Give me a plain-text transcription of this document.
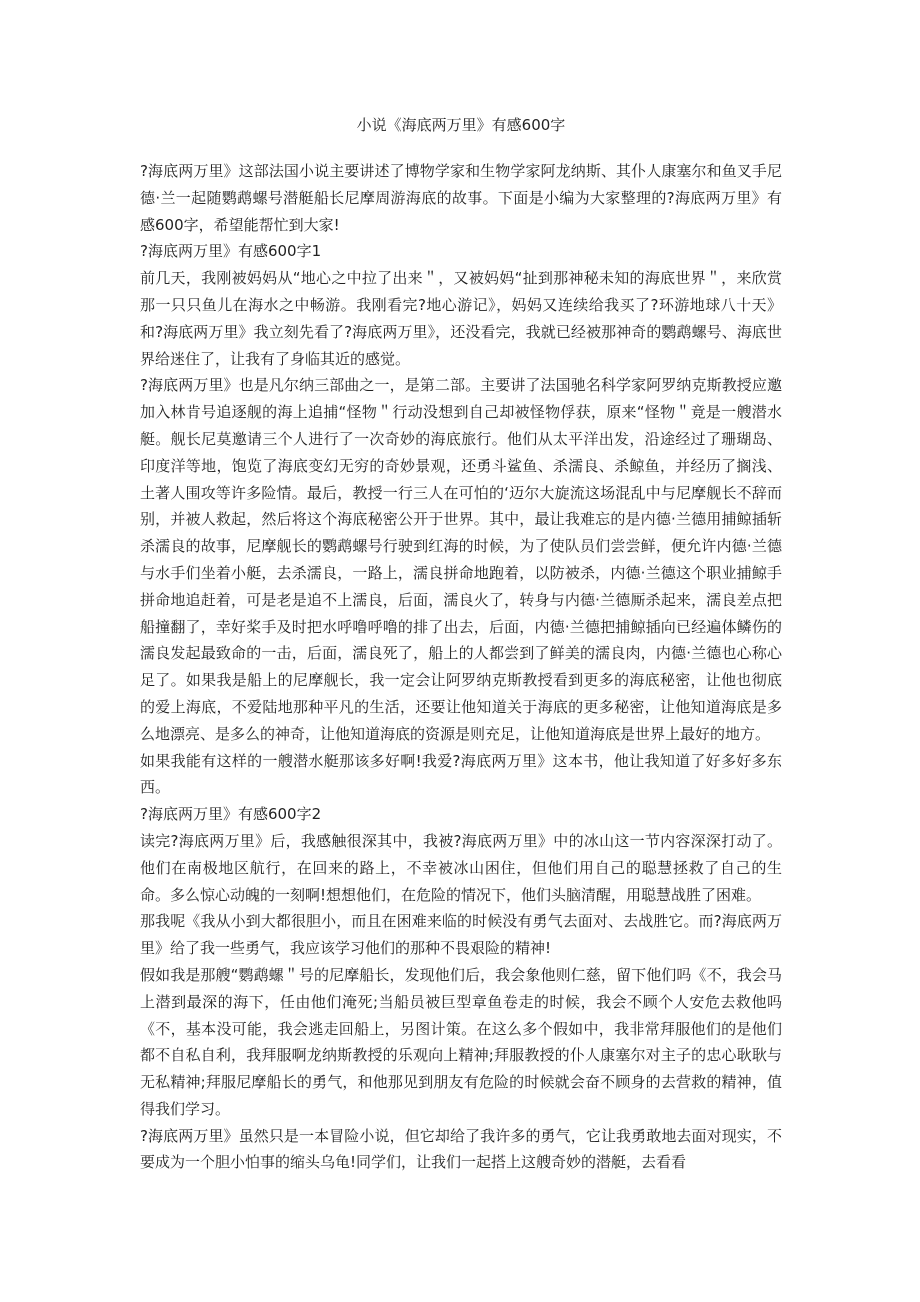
小说《海底两万里》有感600字

?海底两万里》这部法国小说主要讲述了博物学家和生物学家阿龙纳斯、其仆人康塞尔和鱼叉手尼德·兰一起随鹦鹉螺号潜艇船长尼摩周游海底的故事。下面是小编为大家整理的?海底两万里》有感600字，希望能帮忙到大家!

?海底两万里》有感600字1

前几天，我刚被妈妈从“地心之中拉了出来＂，又被妈妈“扯到那神秘未知的海底世界＂，来欣赏那一只只鱼儿在海水之中畅游。我刚看完?地心游记》，妈妈又连续给我买了?环游地球八十天》和?海底两万里》我立刻先看了?海底两万里》，还没看完，我就已经被那神奇的鹦鹉螺号、海底世界给迷住了，让我有了身临其近的感觉。

?海底两万里》也是凡尔纳三部曲之一，是第二部。主要讲了法国驰名科学家阿罗纳克斯教授应邀加入林肯号追逐舰的海上追捕“怪物＂行动没想到自己却被怪物俘获，原来“怪物＂竟是一艘潜水艇。舰长尼莫邀请三个人进行了一次奇妙的海底旅行。他们从太平洋出发，沿途经过了珊瑚岛、印度洋等地，饱览了海底变幻无穷的奇妙景观，还勇斗鲨鱼、杀濡良、杀鲸鱼，并经历了搁浅、土著人围攻等许多险情。最后，教授一行三人在可怕的‘迈尔大旋流这场混乱中与尼摩舰长不辞而别，并被人救起，然后将这个海底秘密公开于世界。其中，最让我难忘的是内德·兰德用捕鲸插斩杀濡良的故事，尼摩舰长的鹦鹉螺号行驶到红海的时候，为了使队员们尝尝鲜，便允许内德·兰德与水手们坐着小艇，去杀濡良，一路上，濡良拼命地跑着，以防被杀，内德·兰德这个职业捕鲸手拼命地追赶着，可是老是追不上濡良，后面，濡良火了，转身与内德·兰德厮杀起来，濡良差点把船撞翻了，幸好桨手及时把水呼噜呼噜的排了出去，后面，内德·兰德把捕鲸插向已经遍体鳞伤的 濡良发起最致命的一击，后面，濡良死了，船上的人都尝到了鲜美的濡良肉，内德·兰德也心称心足了。如果我是船上的尼摩舰长，我一定会让阿罗纳克斯教授看到更多的海底秘密，让他也彻底的爱上海底，不爱陆地那种平凡的生活，还要让他知道关于海底的更多秘密，让他知道海底是多么地漂亮、是多么的神奇，让他知道海底的资源是则充足，让他知道海底是世界上最好的地方。

如果我能有这样的一艘潜水艇那该多好啊!我爱?海底两万里》这本书，他让我知道了好多好多东西。

?海底两万里》有感600字2

读完?海底两万里》后，我感触很深其中，我被?海底两万里》中的冰山这一节内容深深打动了。他们在南极地区航行，在回来的路上，不幸被冰山困住，但他们用自己的聪慧拯救了自己的生命。多么惊心动魄的一刻啊!想想他们，在危险的情况下，他们头脑清醒，用聪慧战胜了困难。

那我呢《我从小到大都很胆小，而且在困难来临的时候没有勇气去面对、去战胜它。而?海底两万里》给了我一些勇气，我应该学习他们的那种不畏艰险的精神!

假如我是那艘“鹦鹉螺＂号的尼摩船长，发现他们后，我会象他则仁慈，留下他们吗《不，我会马上潜到最深的海下，任由他们淹死;当船员被巨型章鱼卷走的时候，我会不顾个人安危去救他吗《不，基本没可能，我会逃走回船上，另图计策。在这么多个假如中，我非常拜服他们的是他们都不自私自利，我拜服啊龙纳斯教授的乐观向上精神;拜服教授的仆人康塞尔对主子的忠心耿耿与无私精神;拜服尼摩船长的勇气，和他那见到朋友有危险的时候就会奋不顾身的去营救的精神，值得我们学习。

?海底两万里》虽然只是一本冒险小说，但它却给了我许多的勇气，它让我勇敢地去面对现实，不要成为一个胆小怕事的缩头乌龟!同学们，让我们一起搭上这艘奇妙的潜艇，去看看
